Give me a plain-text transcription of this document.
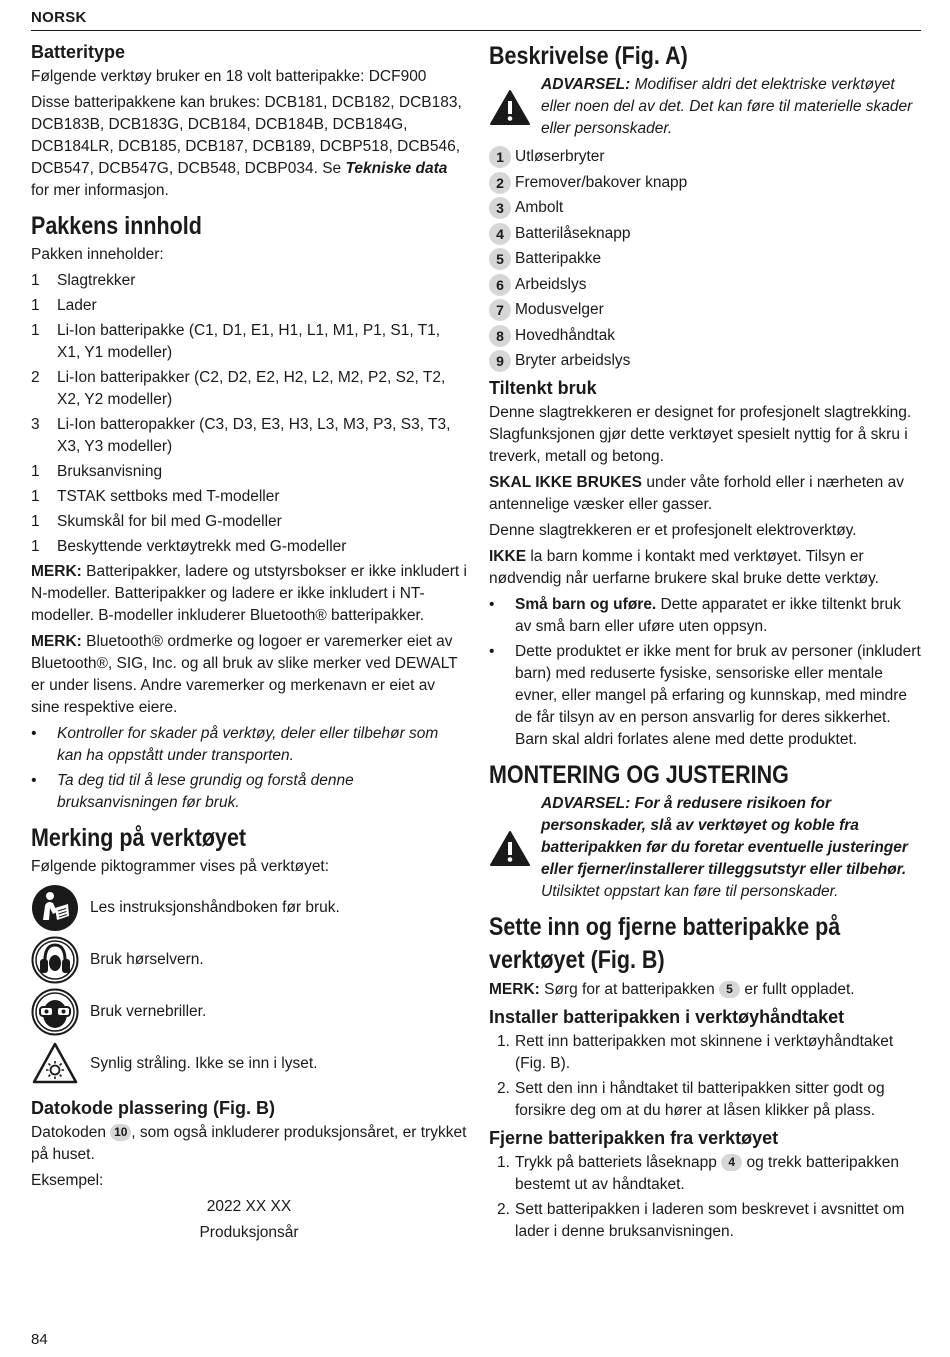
NORSK
Batteritype

Følgende verktøy bruker en 18 volt batteripakke: DCF900

Disse batteripakkene kan brukes: DCB181, DCB182, DCB183, DCB183B, DCB183G, DCB184, DCB184B, DCB184G, DCB184LR, DCB185, DCB187, DCB189, DCBP518, DCB546, DCB547, DCB547G, DCB548, DCBP034. Se Tekniske data for mer informasjon.

Pakkens innhold

Pakken inneholder:

1	Slagtrekker
1	Lader
1	Li-Ion batteripakke (C1, D1, E1, H1, L1, M1, P1, S1, T1, X1, Y1 modeller)
2	Li-Ion batteripakker (C2, D2, E2, H2, L2, M2, P2, S2, T2, X2, Y2 modeller)
3	Li-Ion batteropakker (C3, D3, E3, H3, L3, M3, P3, S3, T3, X3, Y3 modeller)
1	Bruksanvisning
1	TSTAK settboks med T-modeller
1	Skumskål for bil med G-modeller
1	Beskyttende verktøytrekk med G-modeller

MERK: Batteripakker, ladere og utstyrsbokser er ikke inkludert i N-modeller. Batteripakker og ladere er ikke inkludert i NT-modeller. B-modeller inkluderer Bluetooth® batteripakker.

MERK: Bluetooth® ordmerke og logoer er varemerker eiet av Bluetooth®, SIG, Inc. og all bruk av slike merker ved DEWALT er under lisens. Andre varemerker og merkenavn er eiet av sine respektive eiere.

•	Kontroller for skader på verktøy, deler eller tilbehør som kan ha oppstått under transporten.
•	Ta deg tid til å lese grundig og forstå denne bruksanvisningen før bruk.
Merking på verktøyet

Følgende piktogrammer vises på verktøyet:

Les instruksjonshåndboken før bruk.
Bruk hørselvern.
Bruk vernebriller.
Synlig stråling. Ikke se inn i lyset.
Datokode plassering (Fig. B)

Datokoden 10 , som også inkluderer produksjonsåret, er trykket på huset.

Eksempel:

2022 XX XX

Produksjonsår

Beskrivelse (Fig. A)
ADVARSEL: Modifiser aldri det elektriske verktøyet eller noen del av det. Det kan føre til materielle skader eller personskader.
1 Utløserbryter
2 Fremover/bakover knapp
3 Ambolt
4 Batterilåseknapp
5 Batteripakke
6 Arbeidslys
7 Modusvelger
8 Hovedhåndtak
9 Bryter arbeidslys
Tiltenkt bruk

Denne slagtrekkeren er designet for profesjonelt slagtrekking. Slagfunksjonen gjør dette verktøyet spesielt nyttig for å skru i treverk, metall og betong.

SKAL IKKE BRUKES under våte forhold eller i nærheten av antennelige væsker eller gasser.

Denne slagtrekkeren er et profesjonelt elektroverktøy.

IKKE la barn komme i kontakt med verktøyet. Tilsyn er nødvendig når uerfarne brukere skal bruke dette verktøy.

•	Små barn og uføre. Dette apparatet er ikke tiltenkt bruk av små barn eller uføre uten oppsyn.
•	Dette produktet er ikke ment for bruk av personer (inkludert barn) med reduserte fysiske, sensoriske eller mentale evner, eller mangel på erfaring og kunnskap, med mindre de får tilsyn av en person ansvarlig for deres sikkerhet. Barn skal aldri forlates alene med dette produktet.
MONTERING OG JUSTERING
ADVARSEL: For å redusere risikoen for personskader, slå av verktøyet og koble fra batteripakken før du foretar eventuelle justeringer eller fjerner/installerer tilleggsutstyr eller tilbehør. Utilsiktet oppstart kan føre til personskader.
Sette inn og fjerne batteripakke på verktøyet (Fig. B)

MERK: Sørg for at batteripakken 5 er fullt oppladet.

Installer batteripakken i verktøyhåndtaket
1. Rett inn batteripakken mot skinnene i verktøyhåndtaket (Fig. B).
2. Sett den inn i håndtaket til batteripakken sitter godt og forsikre deg om at du hører at låsen klikker på plass.
Fjerne batteripakken fra verktøyet
1. Trykk på batteriets låseknapp 4 og trekk batteripakken bestemt ut av håndtaket.
2. Sett batteripakken i laderen som beskrevet i avsnittet om lader i denne bruksanvisningen.
84
